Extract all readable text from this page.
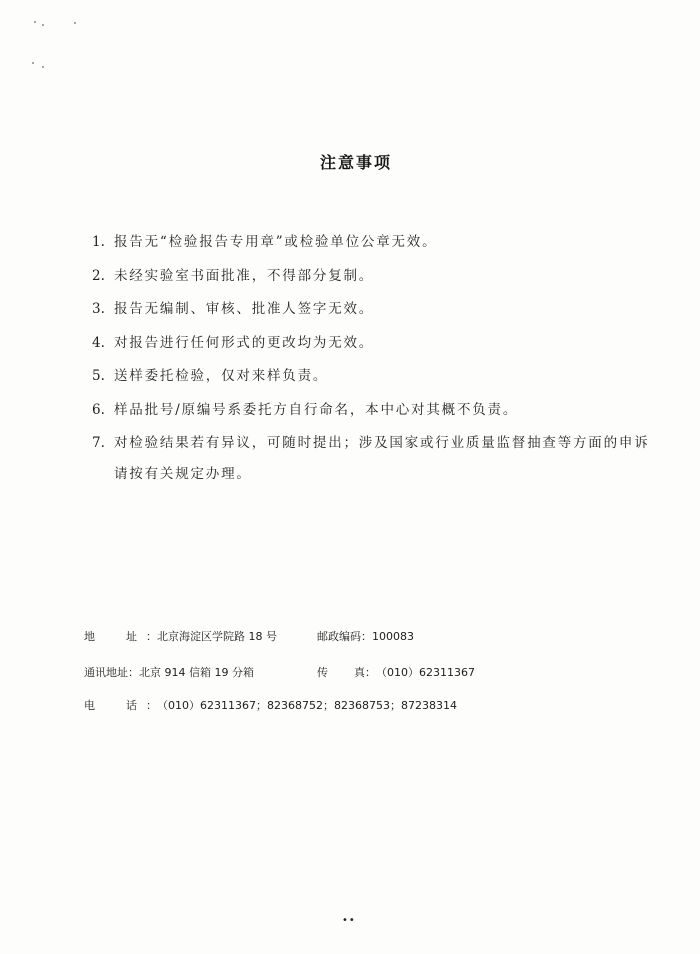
注意事项
1. 报告无“检验报告专用章”或检验单位公章无效。
2. 未经实验室书面批准，不得部分复制。
3. 报告无编制、审核、批准人签字无效。
4. 对报告进行任何形式的更改均为无效。
5. 送样委托检验，仅对来样负责。
6. 样品批号/原编号系委托方自行命名，本中心对其概不负责。
7. 对检验结果若有异议，可随时提出；涉及国家或行业质量监督抽查等方面的申诉请按有关规定办理。
地	址 ：北京海淀区学院路 18 号	邮政编码：100083
通讯地址：北京 914 信箱 19 分箱	传 真 ：（010）62311367
电	话 ：（010）62311367；82368752；82368753；87238314
••
